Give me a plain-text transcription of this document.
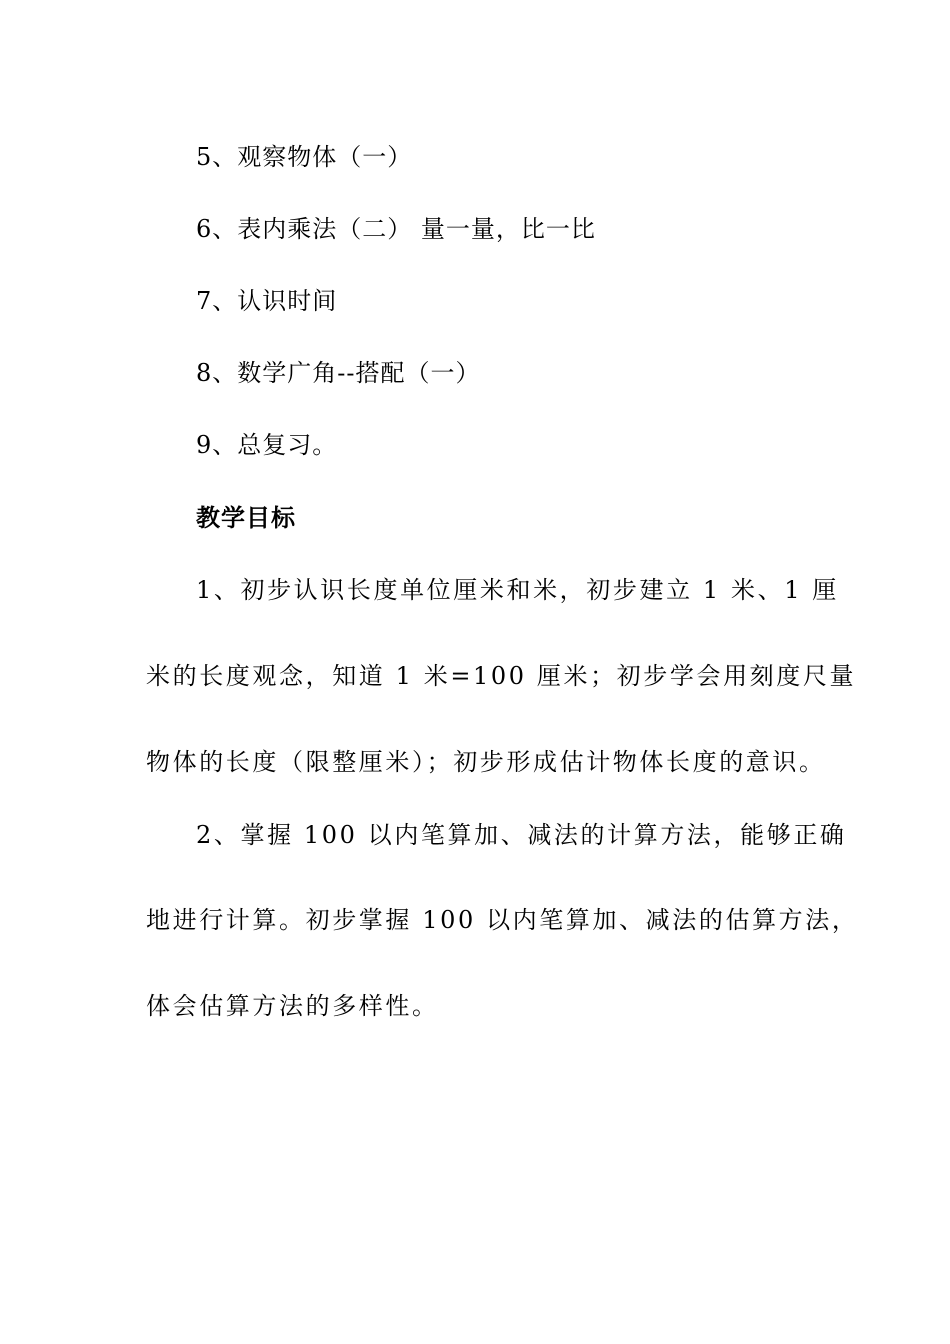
5、观察物体（一）
6、表内乘法（二） 量一量，比一比
7、认识时间
8、数学广角--搭配（一）
9、总复习。
教学目标
1、初步认识长度单位厘米和米，初步建立 1 米、1 厘
米的长度观念，知道 1 米=100 厘米；初步学会用刻度尺量
物体的长度（限整厘米）；初步形成估计物体长度的意识。
2、掌握 100 以内笔算加、减法的计算方法，能够正确
地进行计算。初步掌握 100 以内笔算加、减法的估算方法，
体会估算方法的多样性。
